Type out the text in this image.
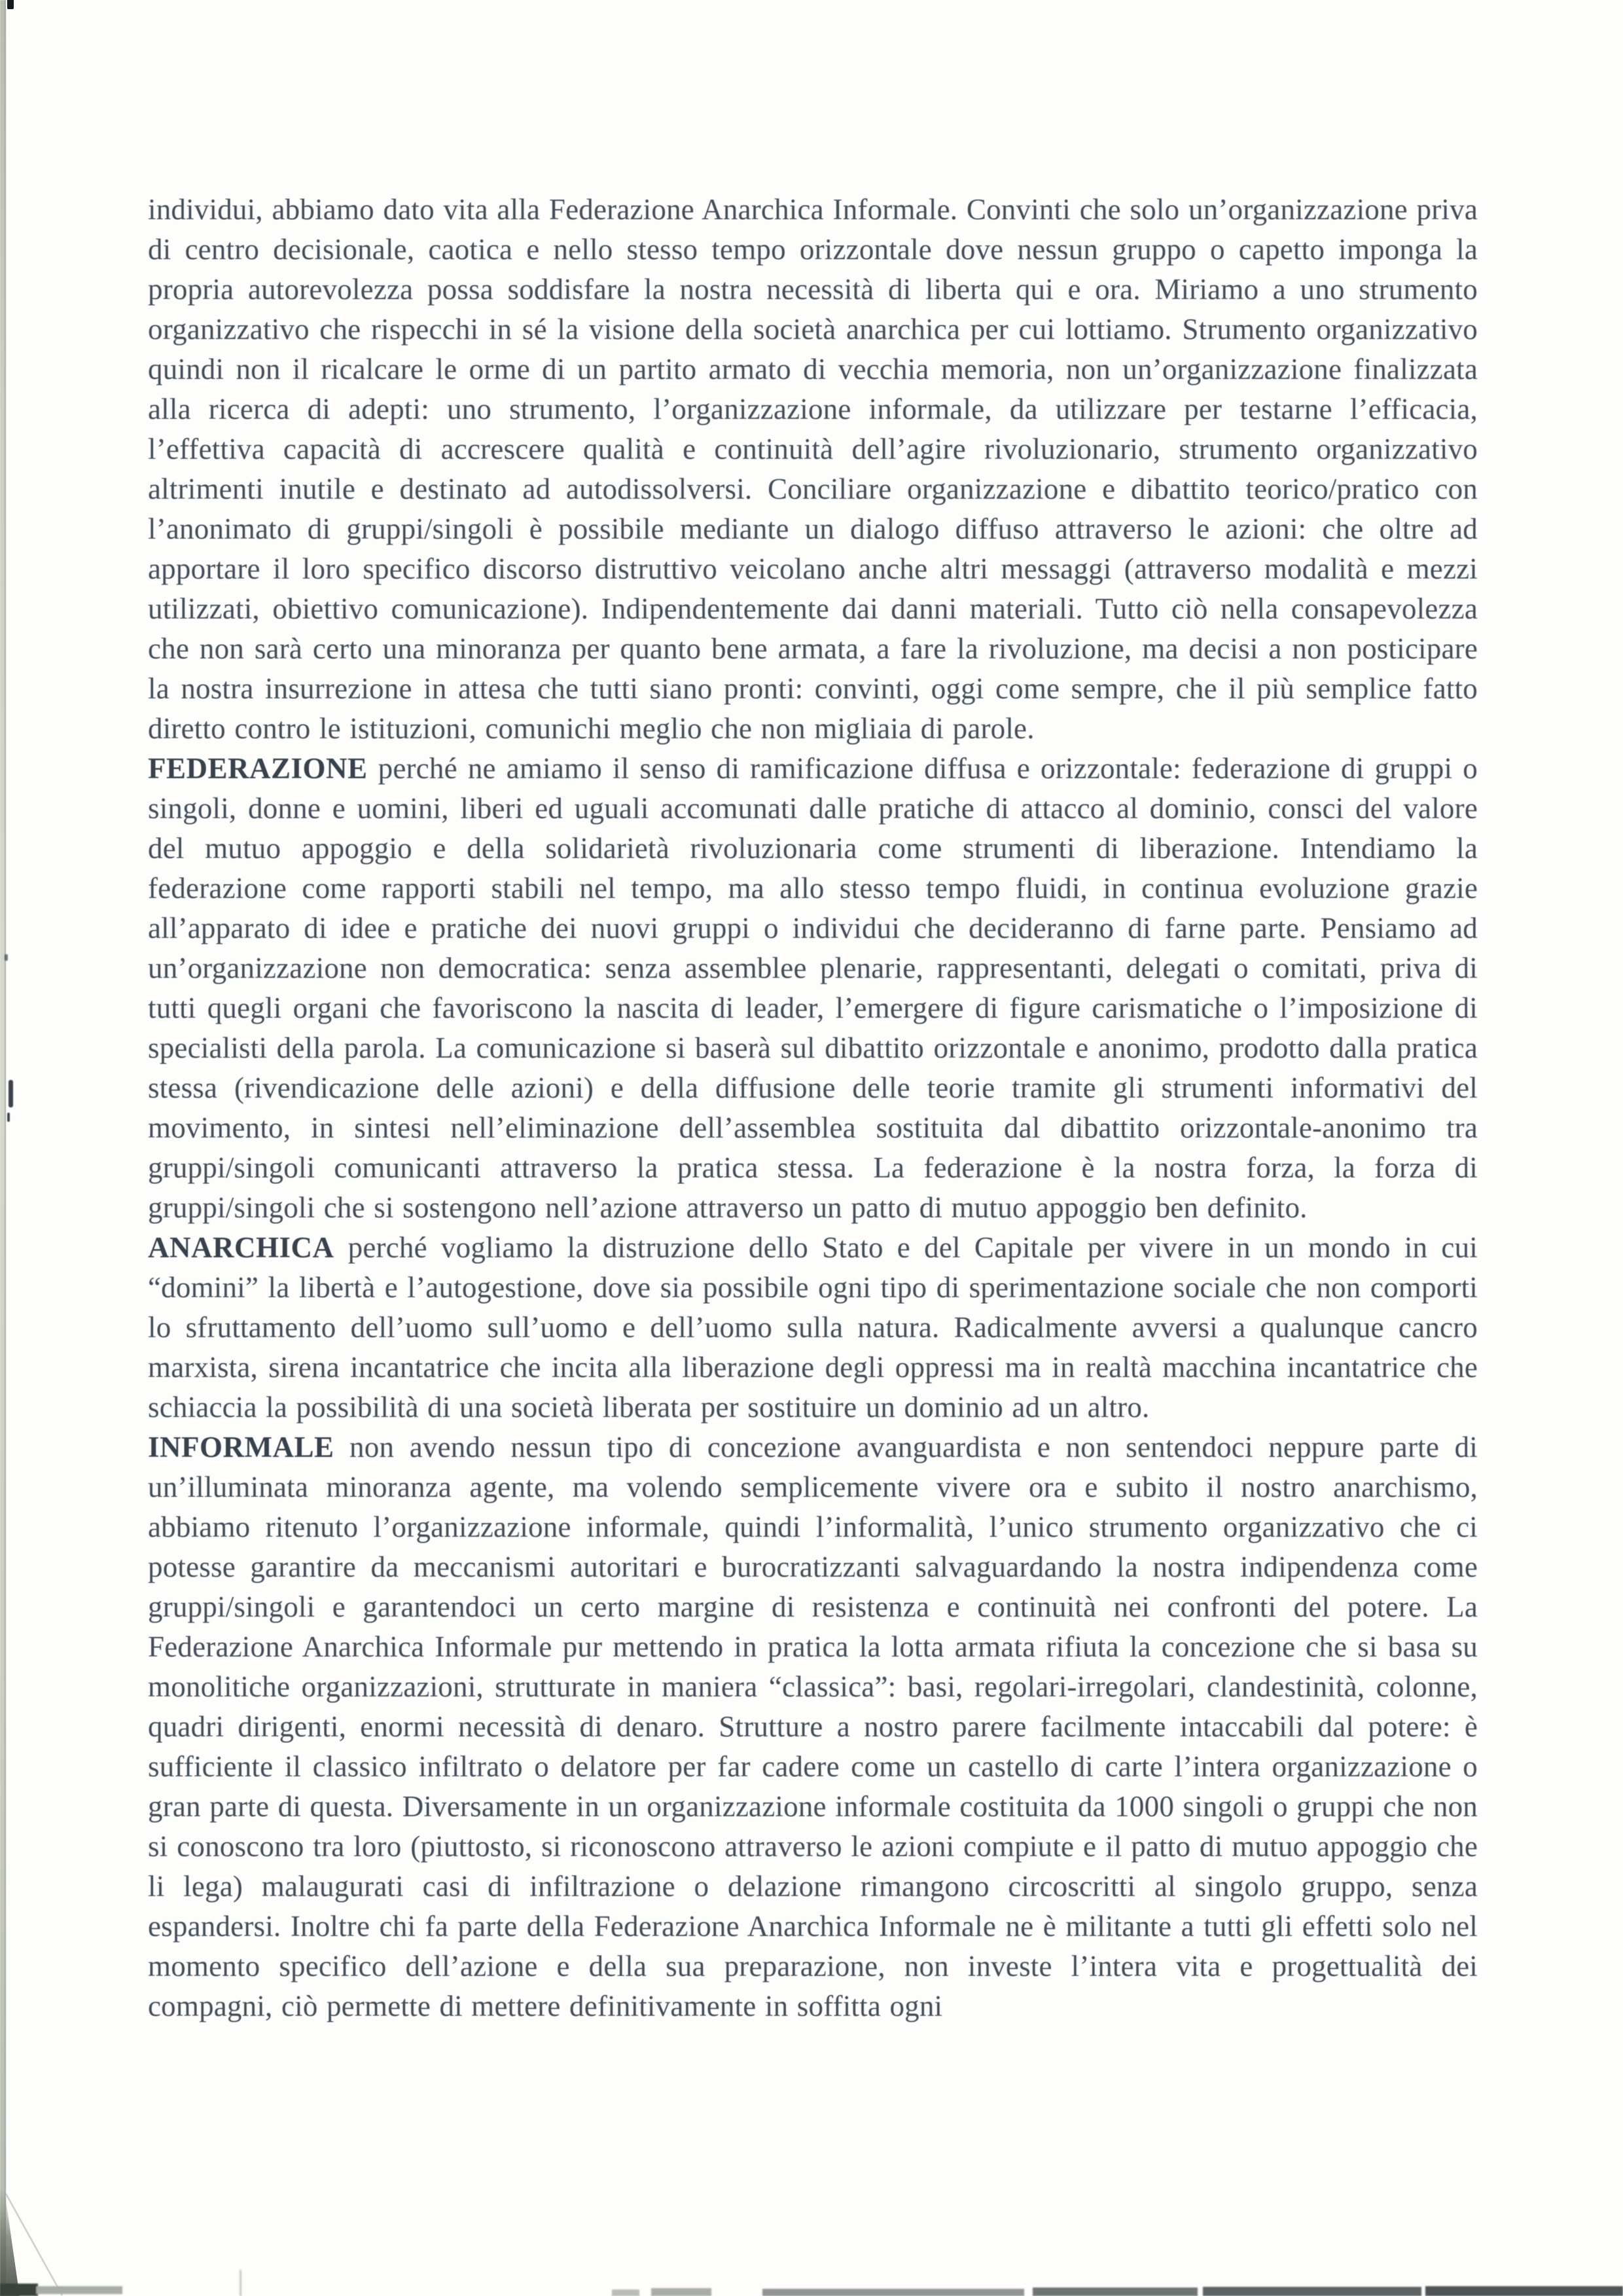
individui, abbiamo dato vita alla Federazione Anarchica Informale. Convinti che solo un’organizzazione priva di centro decisionale, caotica e nello stesso tempo orizzontale dove nessun gruppo o capetto imponga la propria autorevolezza possa soddisfare la nostra necessità di liberta qui e ora. Miriamo a uno strumento organizzativo che rispecchi in sé la visione della società anarchica per cui lottiamo. Strumento organizzativo quindi non il ricalcare le orme di un partito armato di vecchia memoria, non un’organizzazione finalizzata alla ricerca di adepti: uno strumento, l’organizzazione informale, da utilizzare per testarne l’efficacia, l’effettiva capacità di accrescere qualità e continuità dell’agire rivoluzionario, strumento organizzativo altrimenti inutile e destinato ad autodissolversi. Conciliare organizzazione e dibattito teorico/pratico con l’anonimato di gruppi/singoli è possibile mediante un dialogo diffuso attraverso le azioni: che oltre ad apportare il loro specifico discorso distruttivo veicolano anche altri messaggi (attraverso modalità e mezzi utilizzati, obiettivo comunicazione). Indipendentemente dai danni materiali. Tutto ciò nella consapevolezza che non sarà certo una minoranza per quanto bene armata, a fare la rivoluzione, ma decisi a non posticipare la nostra insurrezione in attesa che tutti siano pronti: convinti, oggi come sempre, che il più semplice fatto diretto contro le istituzioni, comunichi meglio che non migliaia di parole.

FEDERAZIONE perché ne amiamo il senso di ramificazione diffusa e orizzontale: federazione di gruppi o singoli, donne e uomini, liberi ed uguali accomunati dalle pratiche di attacco al dominio, consci del valore del mutuo appoggio e della solidarietà rivoluzionaria come strumenti di liberazione. Intendiamo la federazione come rapporti stabili nel tempo, ma allo stesso tempo fluidi, in continua evoluzione grazie all’apparato di idee e pratiche dei nuovi gruppi o individui che decideranno di farne parte. Pensiamo ad un’organizzazione non democratica: senza assemblee plenarie, rappresentanti, delegati o comitati, priva di tutti quegli organi che favoriscono la nascita di leader, l’emergere di figure carismatiche o l’imposizione di specialisti della parola. La comunicazione si baserà sul dibattito orizzontale e anonimo, prodotto dalla pratica stessa (rivendicazione delle azioni) e della diffusione delle teorie tramite gli strumenti informativi del movimento, in sintesi nell’eliminazione dell’assemblea sostituita dal dibattito orizzontale-anonimo tra gruppi/singoli comunicanti attraverso la pratica stessa. La federazione è la nostra forza, la forza di gruppi/singoli che si sostengono nell’azione attraverso un patto di mutuo appoggio ben definito.

ANARCHICA perché vogliamo la distruzione dello Stato e del Capitale per vivere in un mondo in cui “domini” la libertà e l’autogestione, dove sia possibile ogni tipo di sperimentazione sociale che non comporti lo sfruttamento dell’uomo sull’uomo e dell’uomo sulla natura. Radicalmente avversi a qualunque cancro marxista, sirena incantatrice che incita alla liberazione degli oppressi ma in realtà macchina incantatrice che schiaccia la possibilità di una società liberata per sostituire un dominio ad un altro.

INFORMALE non avendo nessun tipo di concezione avanguardista e non sentendoci neppure parte di un’illuminata minoranza agente, ma volendo semplicemente vivere ora e subito il nostro anarchismo, abbiamo ritenuto l’organizzazione informale, quindi l’informalità, l’unico strumento organizzativo che ci potesse garantire da meccanismi autoritari e burocratizzanti salvaguardando la nostra indipendenza come gruppi/singoli e garantendoci un certo margine di resistenza e continuità nei confronti del potere. La Federazione Anarchica Informale pur mettendo in pratica la lotta armata rifiuta la concezione che si basa su monolitiche organizzazioni, strutturate in maniera “classica”: basi, regolari-irregolari, clandestinità, colonne, quadri dirigenti, enormi necessità di denaro. Strutture a nostro parere facilmente intaccabili dal potere: è sufficiente il classico infiltrato o delatore per far cadere come un castello di carte l’intera organizzazione o gran parte di questa. Diversamente in un organizzazione informale costituita da 1000 singoli o gruppi che non si conoscono tra loro (piuttosto, si riconoscono attraverso le azioni compiute e il patto di mutuo appoggio che li lega) malaugurati casi di infiltrazione o delazione rimangono circoscritti al singolo gruppo, senza espandersi. Inoltre chi fa parte della Federazione Anarchica Informale ne è militante a tutti gli effetti solo nel momento specifico dell’azione e della sua preparazione, non investe l’intera vita e progettualità dei compagni, ciò permette di mettere definitivamente in soffitta ogni
